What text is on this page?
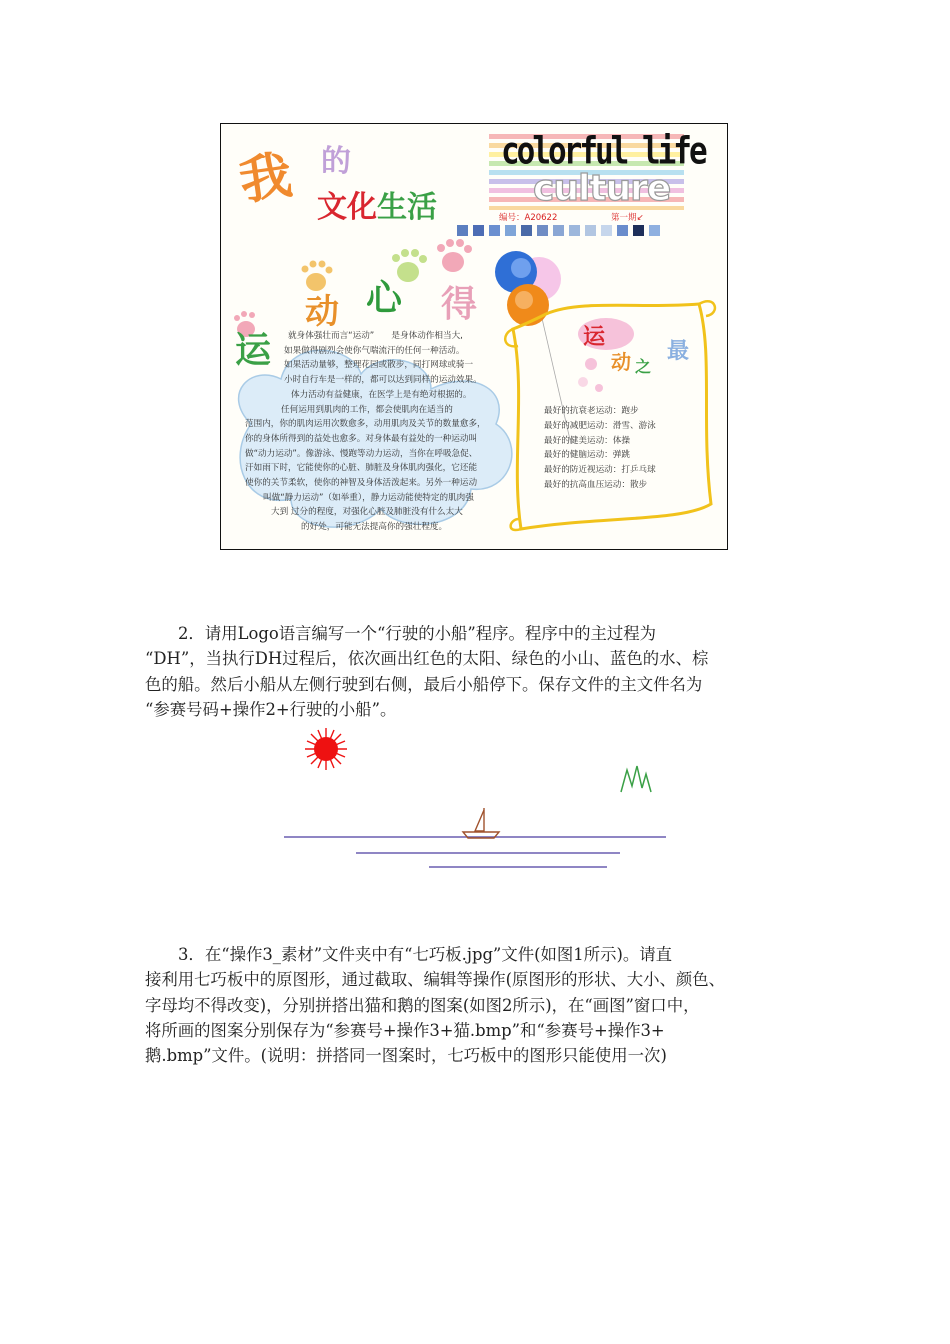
我 的
文化生活
colorful life
culture
编号：A20622	第一期↙
运
动 心 得
就身体强壮而言“运动”　　是身体动作相当大,
如果做得剧烈会使你气喘流汗的任何一种活动。
如果活动量够，整理花园或散步，同打网球或骑一
小时自行车是一样的，都可以达到同样的运动效果。
体力活动有益健康，在医学上是有绝对根据的。
任何运用到肌肉的工作，都会使肌肉在适当的
范围内，你的肌肉运用次数愈多，动用肌肉及关节的数量愈多，
你的身体所得到的益处也愈多。对身体最有益处的一种运动叫
做“动力运动”。像游泳、慢跑等动力运动，当你在呼吸急促、
汗如雨下时，它能使你的心脏、肺脏及身体肌肉强化，它还能
使你的关节柔软，使你的神智及身体活泼起来。另外一种运动
叫做“静力运动”（如举重），静力运动能使特定的肌肉强
大到 过分的程度，对强化心脏及肺脏没有什么太大
的好处，可能无法提高你的强壮程度。
运
动 之
最
最好的抗衰老运动：跑步
最好的减肥运动：滑雪、游泳
最好的健美运动：体操
最好的健脑运动：弹跳
最好的防近视运动：打乒乓球
最好的抗高血压运动：散步
2．请用Logo语言编写一个“行驶的小船”程序。程序中的主过程为
“DH”，当执行DH过程后，依次画出红色的太阳、绿色的小山、蓝色的水、棕
色的船。然后小船从左侧行驶到右侧，最后小船停下。保存文件的主文件名为
“参赛号码+操作2+行驶的小船”。
3．在“操作3_素材”文件夹中有“七巧板.jpg”文件(如图1所示)。请直
接利用七巧板中的原图形，通过截取、编辑等操作(原图形的形状、大小、颜色、
字母均不得改变)，分别拼搭出猫和鹅的图案(如图2所示)，在“画图”窗口中，
将所画的图案分别保存为“参赛号+操作3+猫.bmp”和“参赛号+操作3+
鹅.bmp”文件。(说明：拼搭同一图案时，七巧板中的图形只能使用一次)
